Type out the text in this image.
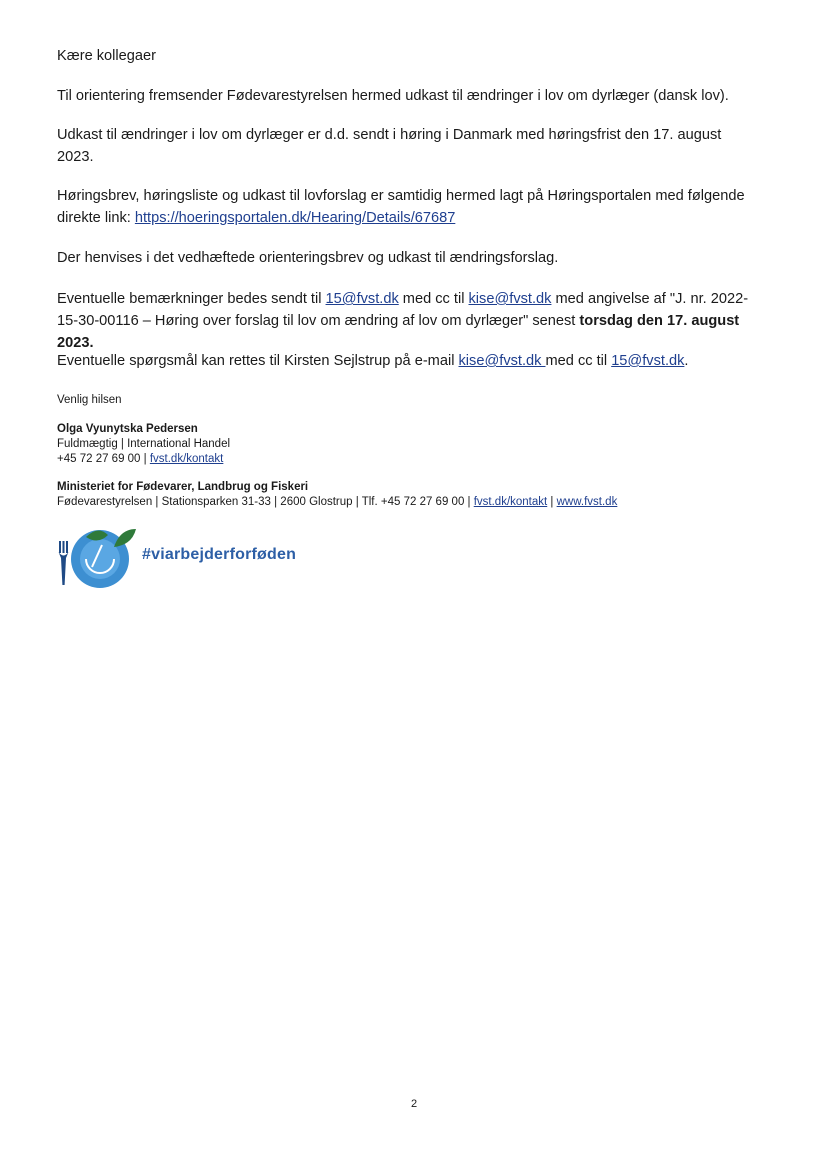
Kære kollegaer

Til orientering fremsender Fødevarestyrelsen hermed udkast til ændringer i lov om dyrlæger (dansk lov).

Udkast til ændringer i lov om dyrlæger er d.d. sendt i høring i Danmark med høringsfrist den 17. august
2023.
Høringsbrev, høringsliste og udkast til lovforslag er samtidig hermed lagt på Høringsportalen med følgende
direkte link: https://hoeringsportalen.dk/Hearing/Details/67687

Der henvises i det vedhæftede orienteringsbrev og udkast til ændringsforslag.

Eventuelle bemærkninger bedes sendt til 15@fvst.dk med cc til kise@fvst.dk med angivelse af "J. nr. 2022-
15-30-00116 – Høring over forslag til lov om ændring af lov om dyrlæger" senest torsdag den 17. august
2023.
Eventuelle spørgsmål kan rettes til Kirsten Sejlstrup på e-mail kise@fvst.dk med cc til 15@fvst.dk.
Venlig hilsen
Olga Vyunytska Pedersen
Fuldmægtig | International Handel
+45 72 27 69 00 | fvst.dk/kontakt
Ministeriet for Fødevarer, Landbrug og Fiskeri
Fødevarestyrelsen | Stationsparken 31-33 | 2600 Glostrup | Tlf. +45 72 27 69 00 | fvst.dk/kontakt | www.fvst.dk
#viarbejderforføden
2
